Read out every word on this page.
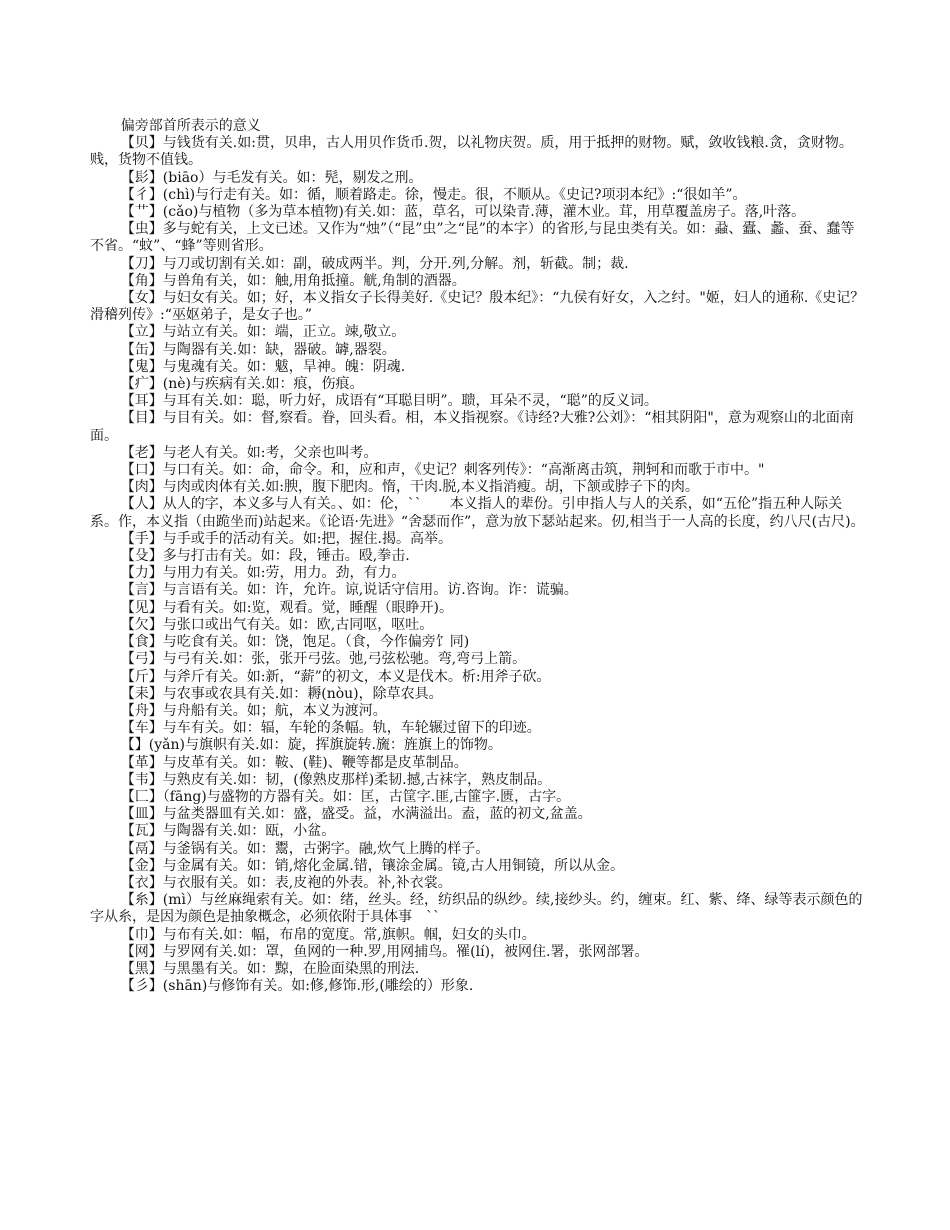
偏旁部首所表示的意义

【贝】与钱货有关.如:贯，贝串，古人用贝作货币.贺，以礼物庆贺。质，用于抵押的财物。赋，敛收钱粮.贪，贪财物。贱，货物不值钱。

【髟】(biāo）与毛发有关。如：髡，剔发之刑。

【彳】(chì)与行走有关。如：循，顺着路走。徐，慢走。很，不顺从。《史记?项羽本纪》:“很如羊”。

【艹】(cǎo)与植物（多为草本植物)有关.如：蓝，草名，可以染青.薄，灌木业。茸，用草覆盖房子。落,叶落。

【虫】多与蛇有关，上文已述。又作为“烛”（“昆”虫”之“昆”的本字）的省形,与昆虫类有关。如：蝨、蠹、蠡、蚕、蠢等不省。“蚊”、“蜂”等则省形。

【刀】与刀或切割有关.如：副，破成两半。判，分开.列,分解。剂，斩截。制；裁.

【角】与兽角有关，如：触,用角抵撞。觥,角制的酒器。

【女】与妇女有关。如；好，本义指女子长得美好.《史记？殷本纪》：“九侯有好女，入之纣。"姬，妇人的通称.《史记？滑稽列传》:“巫妪弟子，是女子也。”

【立】与站立有关。如：端，正立。竦,敬立。

【缶】与陶器有关.如：缺，器破。罅,器裂。

【鬼】与鬼魂有关。如：魃，旱神。魄：阴魂.

【疒】(nè)与疾病有关.如：痕，伤痕。

【耳】与耳有关.如：聪，听力好，成语有“耳聪目明”。聩，耳朵不灵，“聪”的反义词。

【目】与目有关。如：督,察看。眷，回头看。相，本义指视察。《诗经?大雅?公刘》：“相其阴阳"，意为观察山的北面南面。

【老】与老人有关。如:考，父亲也叫考。

【口】与口有关。如：命，命令。和，应和声，《史记？刺客列传》：“高渐离击筑，荆轲和而歌于市中。"

【肉】与肉或肉体有关.如:腴，腹下肥肉。惰，干肉.脱,本义指消瘦。胡，下颔或脖子下的肉。

【人】从人的字，本义多与人有关。、如：伦，``　　本义指人的辈份。引申指人与人的关系，如“五伦”指五种人际关系。作，本义指（由跪坐而)站起来。《论语·先进》“舍瑟而作”，意为放下瑟站起来。仞,相当于一人高的长度，约八尺(古尺)。

【手】与手或手的活动有关。如:把，握住.揭。高举。

【殳】多与打击有关。如：段，锤击。殴,拳击.

【力】与用力有关。如:劳，用力。劲，有力。

【言】与言语有关。如：许，允许。谅,说话守信用。访.咨询。诈：谎骗。

【见】与看有关。如:览，观看。觉，睡醒（眼睁开)。

【欠】与张口或出气有关。如：欧,古同呕，呕吐。

【食】与吃食有关。如：饶，饱足。（食，今作偏旁饣同)

【弓】与弓有关.如：张，张开弓弦。弛,弓弦松驰。弯,弯弓上箭。

【斤】与斧斤有关。如:新，“薪”的初文，本义是伐木。析:用斧子砍。

【耒】与农事或农具有关.如：耨(nòu)，除草农具。

【舟】与舟船有关。如；航，本义为渡河。

【车】与车有关。如：辐，车轮的条幅。轨，车轮辗过留下的印迹。

【】(yǎn)与旗帜有关.如：旋，挥旗旋转.旒：旌旗上的饰物。

【革】与皮革有关。如：鞍、(鞋)、鞭等都是皮革制品。

【韦】与熟皮有关.如：韧，(像熟皮那样)柔韧.撼,古袜字，熟皮制品。

【匚】（fāng)与盛物的方器有关。如：匡，古筐字.匪,古篚字.匮，古字。

【皿】与盆类器皿有关.如：盛，盛受。益，水满溢出。盍，蓝的初文,盆盖。

【瓦】与陶器有关.如：瓯，小盆。

【鬲】与釜锅有关。如：鬻，古粥字。融,炊气上腾的样子。

【金】与金属有关。如：销,熔化金属.错，镶涂金属。镜,古人用铜镜，所以从金。

【衣】与衣服有关。如：表,皮袍的外表。补,补衣裳。

【糸】(mì）与丝麻绳索有关。如：绪，丝头。经，纺织品的纵纱。续,接纱头。约，缠束。红、紫、绛、绿等表示颜色的字从糸，是因为颜色是抽象概念，必须依附于具体事　``

【巾】与布有关.如：幅，布帛的宽度。常,旗帜。帼，妇女的头巾。

【网】与罗网有关.如：罩，鱼网的一种.罗,用网捕鸟。罹(lí)，被网住.署，张网部署。

【黑】与黑墨有关。如：黥，在脸面染黑的刑法.

【彡】(shān)与修饰有关。如:修,修饰.形,(雕绘的）形象.
